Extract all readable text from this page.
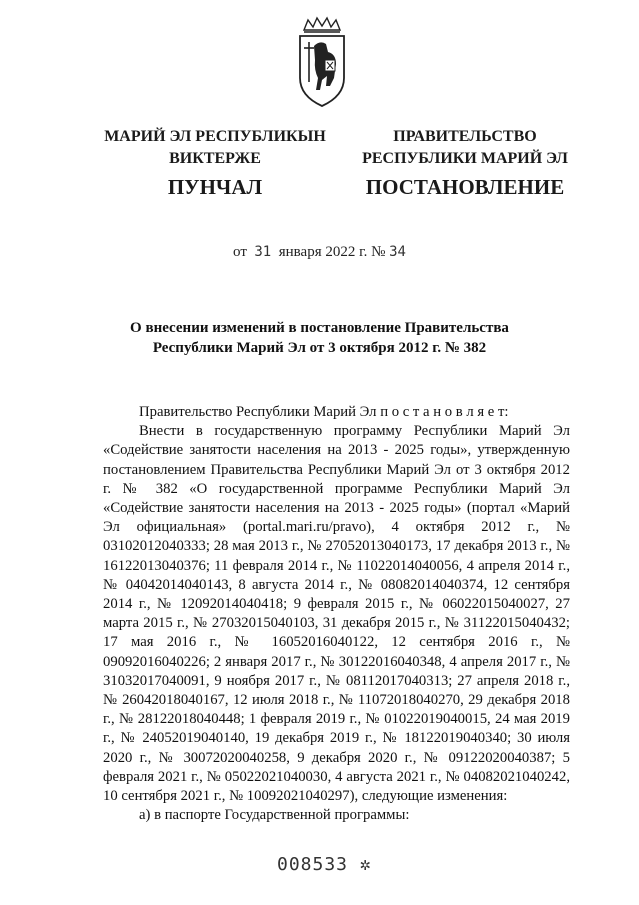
МАРИЙ ЭЛ РЕСПУБЛИКЫН
ВИКТЕРЖЕ
ПУНЧАЛ
ПРАВИТЕЛЬСТВО
РЕСПУБЛИКИ МАРИЙ ЭЛ
ПОСТАНОВЛЕНИЕ
от 31 января 2022 г. № 34
О внесении изменений в постановление Правительства
Республики Марий Эл от 3 октября 2012 г. № 382

Правительство Республики Марий Эл п о с т а н о в л я е т:

Внести в государственную программу Республики Марий Эл «Содействие занятости населения на 2013 - 2025 годы», утвержденную постановлением Правительства Республики Марий Эл от 3 октября 2012 г. № 382 «О государственной программе Республики Марий Эл «Содействие занятости населения на 2013 - 2025 годы» (портал «Марий Эл официальная» (portal.mari.ru/pravo), 4 октября 2012 г., № 03102012040333; 28 мая 2013 г., № 27052013040173, 17 декабря 2013 г., № 16122013040376; 11 февраля 2014 г., № 11022014040056, 4 апреля 2014 г., № 04042014040143, 8 августа 2014 г., № 08082014040374, 12 сентября 2014 г., № 12092014040418; 9 февраля 2015 г., № 06022015040027, 27 марта 2015 г., № 27032015040103, 31 декабря 2015 г., № 31122015040432; 17 мая 2016 г., № 16052016040122, 12 сентября 2016 г., № 09092016040226; 2 января 2017 г., № 30122016040348, 4 апреля 2017 г., № 31032017040091, 9 ноября 2017 г., № 08112017040313; 27 апреля 2018 г., № 26042018040167, 12 июля 2018 г., № 11072018040270, 29 декабря 2018 г., № 28122018040448; 1 февраля 2019 г., № 01022019040015, 24 мая 2019 г., № 24052019040140, 19 декабря 2019 г., № 18122019040340; 30 июля 2020 г., № 30072020040258, 9 декабря 2020 г., № 09122020040387; 5 февраля 2021 г., № 05022021040030, 4 августа 2021 г., № 04082021040242, 10 сентября 2021 г., № 10092021040297), следующие изменения:

а) в паспорте Государственной программы:

008533 ✲
